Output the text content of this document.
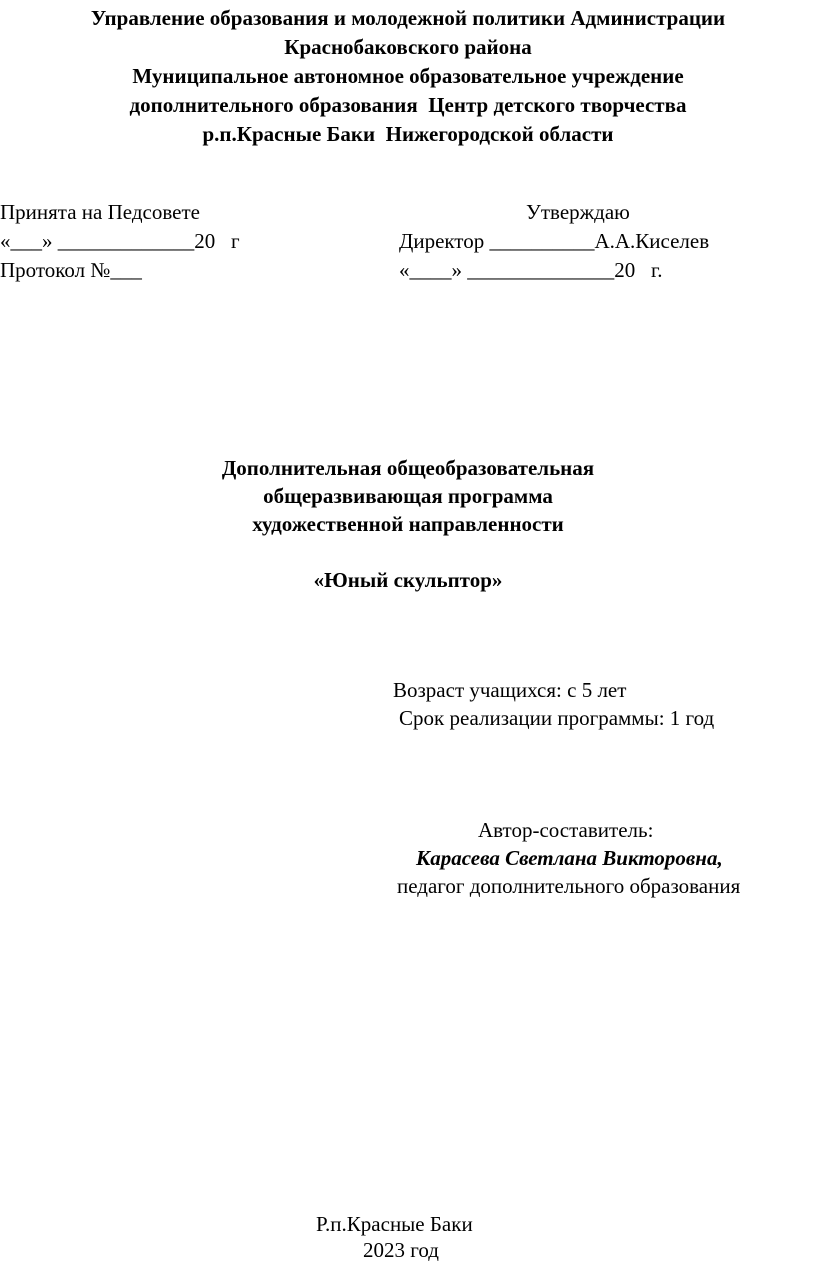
Управление образования и молодежной политики Администрации
Краснобаковского района
Муниципальное автономное образовательное учреждение
дополнительного образования  Центр детского творчества
р.п.Красные Баки  Нижегородской области
Принята на Педсовете
«___» _____________20   г
Протокол №___
Утверждаю
Директор __________А.А.Киселев
«____» ______________20   г.
Дополнительная общеобразовательная
общеразвивающая программа
художественной направленности
«Юный скульптор»
Возраст учащихся: с 5 лет
Срок реализации программы: 1 год
Автор-составитель:
Карасева Светлана Викторовна,
педагог дополнительного образования
Р.п.Красные Баки
2023 год
